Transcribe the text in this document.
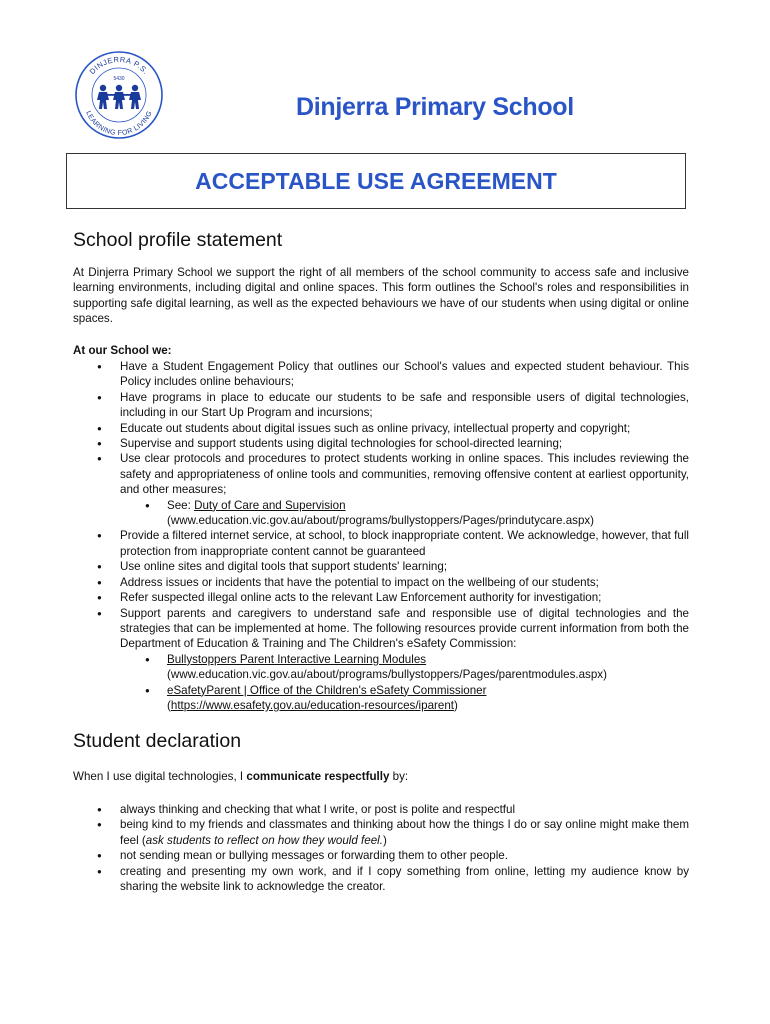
DINJERRA P.S.
5430
LEARNING FOR LIVING	Dinjerra Primary School
ACCEPTABLE USE AGREEMENT
School profile statement
At Dinjerra Primary School we support the right of all members of the school community to access safe and inclusive learning environments, including digital and online spaces. This form outlines the School's roles and responsibilities in supporting safe digital learning, as well as the expected behaviours we have of our students when using digital or online spaces.
At our School we:
● Have a Student Engagement Policy that outlines our School's values and expected student behaviour. This Policy includes online behaviours;
● Have programs in place to educate our students to be safe and responsible users of digital technologies, including in our Start Up Program and incursions;
● Educate out students about digital issues such as online privacy, intellectual property and copyright;
● Supervise and support students using digital technologies for school-directed learning;
● Use clear protocols and procedures to protect students working in online spaces. This includes reviewing the safety and appropriateness of online tools and communities, removing offensive content at earliest opportunity, and other measures;
● See: Duty of Care and Supervision
(www.education.vic.gov.au/about/programs/bullystoppers/Pages/prindutycare.aspx)
● Provide a filtered internet service, at school, to block inappropriate content. We acknowledge, however, that full protection from inappropriate content cannot be guaranteed
● Use online sites and digital tools that support students' learning;
● Address issues or incidents that have the potential to impact on the wellbeing of our students;
● Refer suspected illegal online acts to the relevant Law Enforcement authority for investigation;
● Support parents and caregivers to understand safe and responsible use of digital technologies and the strategies that can be implemented at home. The following resources provide current information from both the Department of Education & Training and The Children's eSafety Commission:
● Bullystoppers Parent Interactive Learning Modules
(www.education.vic.gov.au/about/programs/bullystoppers/Pages/parentmodules.aspx)
● eSafetyParent | Office of the Children's eSafety Commissioner
(https://www.esafety.gov.au/education-resources/iparent)
Student declaration
When I use digital technologies, I communicate respectfully by:
● always thinking and checking that what I write, or post is polite and respectful
● being kind to my friends and classmates and thinking about how the things I do or say online might make them feel (ask students to reflect on how they would feel.)
● not sending mean or bullying messages or forwarding them to other people.
● creating and presenting my own work, and if I copy something from online, letting my audience know by sharing the website link to acknowledge the creator.
